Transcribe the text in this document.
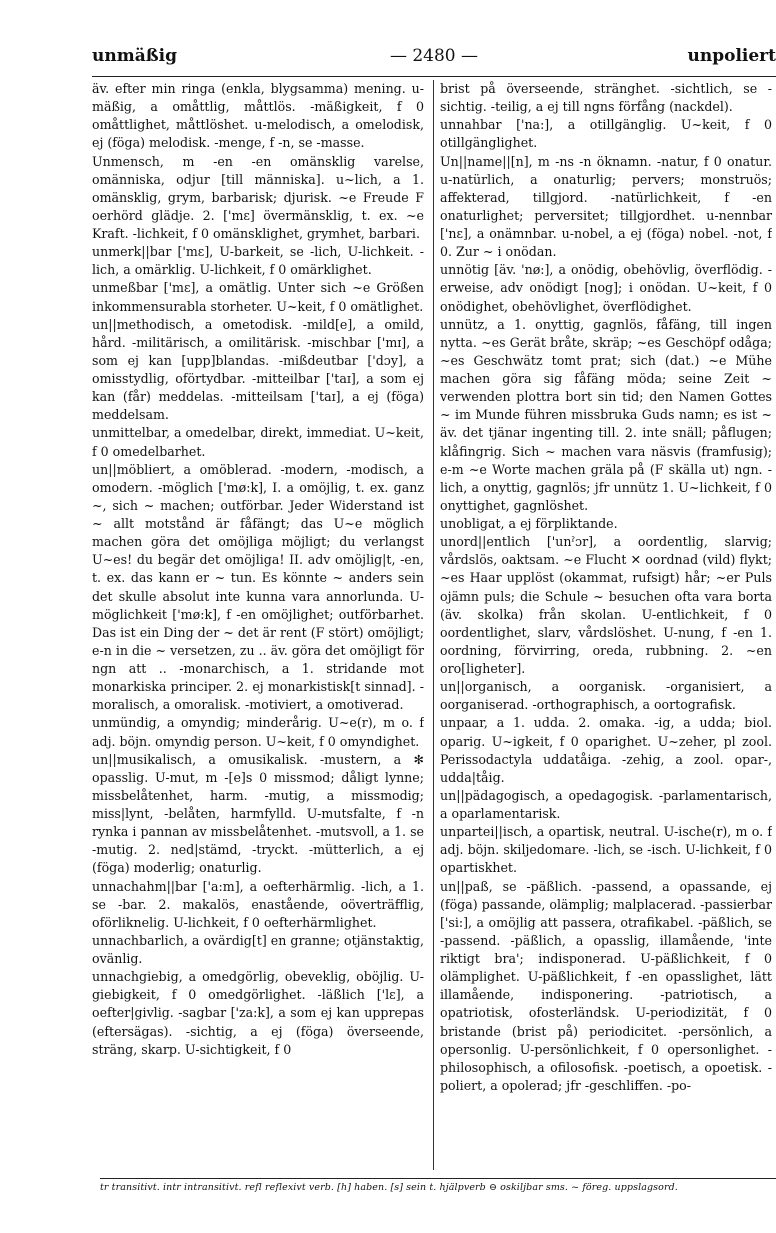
unmäßig	— 2480 —	unpoliert

äv. efter min ringa (enkla, blygsamma) mening. u-mäßig, a omåttlig, måttlös. -mäßigkeit, f 0 omåttlighet, måttlöshet. u-melodisch, a omelodisk, ej (föga) melodisk. -menge, f -n, se -masse.

Unmensch, m -en -en omänsklig varelse, omänniska, odjur [till människa]. u~lich, a 1. omänsklig, grym, barbarisk; djurisk. ~e Freude F oerhörd glädje. 2. ['mɛ] övermänsklig, t. ex. ~e Kraft. -lichkeit, f 0 omänsklighet, grymhet, barbari.

unmerk||bar ['mɛ], U-barkeit, se -lich, U-lichkeit. -lich, a omärklig. U-lichkeit, f 0 omärklighet.

unmeßbar ['mɛ], a omätlig. Unter sich ~e Größen inkommensurabla storheter. U~keit, f 0 omätlighet.

un||methodisch, a ometodisk. -mild[e], a omild, hård. -militärisch, a omilitärisk. -mischbar ['mɪ], a som ej kan [upp]blandas. -mißdeutbar ['dɔy], a omisstydlig, oförtydbar. -mitteilbar ['taɪ], a som ej kan (får) meddelas. -mitteilsam ['taɪ], a ej (föga) meddelsam.

unmittelbar, a omedelbar, direkt, immediat. U~keit, f 0 omedelbarhet.

un||möbliert, a omöblerad. -modern, -modisch, a omodern. -möglich ['mø:k], I. a omöjlig, t. ex. ganz ~, sich ~ machen; outförbar. Jeder Widerstand ist ~ allt motstånd är fåfängt; das U~e möglich machen göra det omöjliga möjligt; du verlangst U~es! du begär det omöjliga! II. adv omöjlig|t, -en, t. ex. das kann er ~ tun. Es könnte ~ anders sein det skulle absolut inte kunna vara annorlunda. U-möglichkeit ['mø:k], f -en omöjlighet; outförbarhet. Das ist ein Ding der ~ det är rent (F stört) omöjligt; e-n in die ~ versetzen, zu .. äv. göra det omöjligt för ngn att .. -monarchisch, a 1. stridande mot monarkiska principer. 2. ej monarkistisk[t sinnad]. -moralisch, a omoralisk. -motiviert, a omotiverad.

unmündig, a omyndig; minderårig. U~e(r), m o. f adj. böjn. omyndig person. U~keit, f 0 omyndighet.

un||musikalisch, a omusikalisk. -mustern, a ✻ opasslig. U-mut, m -[e]s 0 missmod; dåligt lynne; missbelåtenhet, harm. -mutig, a missmodig; miss|lynt, -belåten, harmfylld. U-mutsfalte, f -n rynka i pannan av missbelåtenhet. -mutsvoll, a 1. se -mutig. 2. ned|stämd, -tryckt. -mütterlich, a ej (föga) moderlig; onaturlig.

unnachahm||bar ['a:m], a oefterhärmlig. -lich, a 1. se -bar. 2. makalös, enastående, oöverträfflig, oförliknelig. U-lichkeit, f 0 oefterhärmlighet.

unnachbarlich, a ovärdig[t] en granne; otjänstaktig, ovänlig.

unnachgiebig, a omedgörlig, obeveklig, oböjlig. U-giebigkeit, f 0 omedgörlighet. -läßlich ['lɛ], a oefter|givlig. -sagbar ['za:k], a som ej kan upprepas (eftersägas). -sichtig, a ej (föga) överseende, sträng, skarp. U-sichtigkeit, f 0

brist på överseende, stränghet. -sichtlich, se -sichtig. -teilig, a ej till ngns förfång (nackdel).

unnahbar ['na:], a otillgänglig. U~keit, f 0 otillgänglighet.

Un||name||[n], m -ns -n öknamn. -natur, f 0 onatur. u-natürlich, a onaturlig; pervers; monstruös; affekterad, tillgjord. -natürlichkeit, f -en onaturlighet; perversitet; tillgjordhet. u-nennbar ['nɛ], a onämnbar. u-nobel, a ej (föga) nobel. -not, f 0. Zur ~ i onödan.

unnötig [äv. 'nø:], a onödig, obehövlig, överflödig. -erweise, adv onödigt [nog]; i onödan. U~keit, f 0 onödighet, obehövlighet, överflödighet.

unnütz, a 1. onyttig, gagnlös, fåfäng, till ingen nytta. ~es Gerät bråte, skräp; ~es Geschöpf odåga; ~es Geschwätz tomt prat; sich (dat.) ~e Mühe machen göra sig fåfäng möda; seine Zeit ~ verwenden plottra bort sin tid; den Namen Gottes ~ im Munde führen missbruka Guds namn; es ist ~ äv. det tjänar ingenting till. 2. inte snäll; påflugen; klåfingrig. Sich ~ machen vara näsvis (framfusig); e-m ~e Worte machen gräla på (F skälla ut) ngn. -lich, a onyttig, gagnlös; jfr unnütz 1. U~lichkeit, f 0 onyttighet, gagnlöshet.

unobligat, a ej förpliktande.

unord||entlich ['unˀɔr], a oordentlig, slarvig; vårdslös, oaktsam. ~e Flucht ✕ oordnad (vild) flykt; ~es Haar upplöst (okammat, rufsigt) hår; ~er Puls ojämn puls; die Schule ~ besuchen ofta vara borta (äv. skolka) från skolan. U-entlichkeit, f 0 oordentlighet, slarv, vårdslöshet. U-nung, f -en 1. oordning, förvirring, oreda, rubbning. 2. ~en oro[ligheter].

un||organisch, a oorganisk. -organisiert, a oorganiserad. -orthographisch, a oortografisk.

unpaar, a 1. udda. 2. omaka. -ig, a udda; biol. oparig. U~igkeit, f 0 oparighet. U~zeher, pl zool. Perissodactyla uddatåiga. -zehig, a zool. opar-, udda|tåig.

un||pädagogisch, a opedagogisk. -parlamentarisch, a oparlamentarisk.

unpartei||isch, a opartisk, neutral. U-ische(r), m o. f adj. böjn. skiljedomare. -lich, se -isch. U-lichkeit, f 0 opartiskhet.

un||paß, se -päßlich. -passend, a opassande, ej (föga) passande, olämplig; malplacerad. -passierbar ['si:], a omöjlig att passera, otrafikabel. -päßlich, se -passend. -päßlich, a opasslig, illamående, 'inte riktigt bra'; indisponerad. U-päßlichkeit, f 0 olämplighet. U-päßlichkeit, f -en opasslighet, lätt illamående, indisponering. -patriotisch, a opatriotisk, ofosterländsk. U-periodizität, f 0 bristande (brist på) periodicitet. -persönlich, a opersonlig. U-persönlichkeit, f 0 opersonlighet. -philosophisch, a ofilosofisk. -poetisch, a opoetisk. -poliert, a opolerad; jfr -geschliffen. -po-

tr transitivt. intr intransitivt. refl reflexivt verb. [h] haben. [s] sein t. hjälpverb ⊖ oskiljbar sms. ~ föreg. uppslagsord.
